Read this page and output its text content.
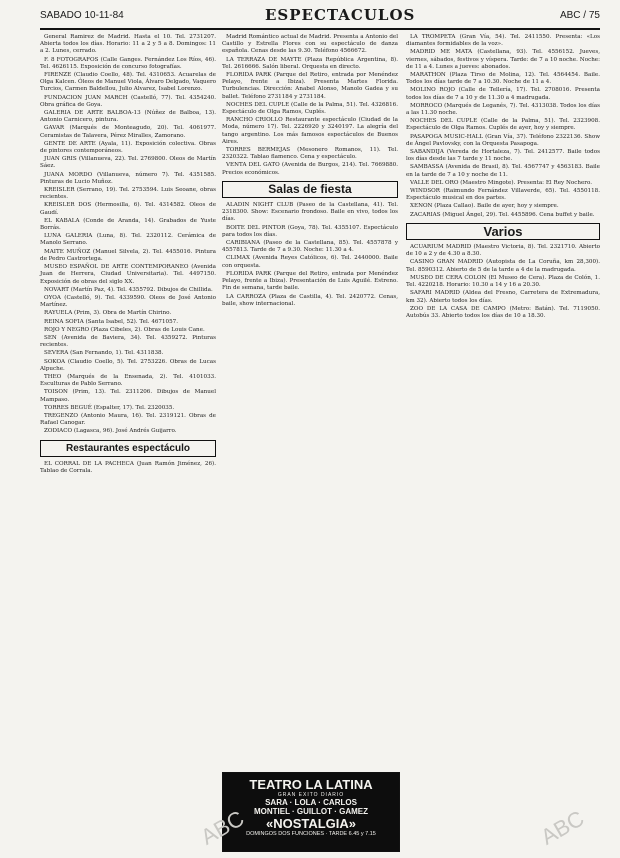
SABADO 10-11-84	ESPECTACULOS	ABC / 75

General Ramirez de Madrid. Hasta el 10. Tel. 2731207. Abierta todos los días. Horario: 11 a 2 y 5 a 8. Domingos: 11 a 2. Lunes, cerrado.

F. 8 FOTOGRAFOS (Calle Ganges. Fernández Los Ríos, 46). Tel. 4626115. Exposición de concurso fotografías.

FIRENZE (Claudio Coello, 48). Tel. 4310653. Acuarelas de Olga Kalcen. Óleos de Manuel Viola, Álvaro Delgado, Vaquero Turcios, Carmen Baldellou, Julio Alvarez, Isabel Lorenzo.

FUNDACION JUAN MARCH (Castelló, 77). Tel. 4354240. Obra gráfica de Goya.

GALERIA DE ARTE BALBOA-13 (Núñez de Balboa, 13). Antonio Carnicero, pintura.

GAVAR (Marqués de Monteagudo, 20). Tel. 4061977. Ceramistas de Talavera, Pérez Miralles, Zamorano.

GENTE DE ARTE (Ayala, 11). Exposición colectiva. Obras de pintores contemporáneos.

JUAN GRIS (Villanueva, 22). Tel. 2769800. Oleos de Martín Sáez.

JUANA MORDO (Villanueva, número 7). Tel. 4351585. Pinturas de Lucio Muñoz.

KREISLER (Serrano, 19). Tel. 2753594. Luis Seoane, obras recientes.

KREISLER DOS (Hermosilla, 6). Tel. 4314582. Oleos de Gaudí.

EL KABALA (Conde de Aranda, 14). Grabados de Yuste Borrás.

LUNA GALERIA (Luna, 8). Tel. 2320112. Cerámica de Manolo Serrano.

MAITE MUÑOZ (Manuel Silvela, 2). Tel. 4455016. Pintura de Pedro Castrortega.

MUSEO ESPAÑOL DE ARTE CONTEMPORANEO (Avenida Juan de Herrera, Ciudad Universitaria). Tel. 4497150. Exposición de obras del siglo XX.

NOVART (Martín Paz, 4). Tel. 4355792. Dibujos de Chillida.

OYOA (Castelló, 9). Tel. 4339590. Oleos de José Antonio Martínez.

RAYUELA (Prim, 3). Obra de Martín Chirino.

REINA SOFIA (Santa Isabel, 52). Tel. 4671057.

ROJO Y NEGRO (Plaza Cibeles, 2). Obras de Louis Cane.

SEN (Avenida de Baviera, 34). Tel. 4359272. Pinturas recientes.

SEVERA (San Fernando, 1). Tel. 4311838.

SOKOA (Claudio Coello, 5). Tel. 2753226. Obras de Lucas Alpuche.

THEO (Marqués de la Ensenada, 2). Tel. 4101033. Esculturas de Pablo Serrano.

TOISON (Prim, 13). Tel. 2311206. Dibujos de Manuel Mampaso.

TORRES BEGUÉ (Espalter, 17). Tel. 2320035.

TREGENZO (Antonio Maura, 16). Tel. 2319121. Obras de Rafael Canogar.

ZODIACO (Lagasca, 96). José Andrés Guijarro.

Restaurantes espectáculo

EL CORRAL DE LA PACHECA (Juan Ramón Jiménez, 26). Tablao de Corrala.

Madrid Romántico actual de Madrid. Presenta a Antonio del Castillo y Estrella Flores con su espectáculo de danza española. Cenas desde las 9.30. Teléfono 4566672.

LA TERRAZA DE MAYTE (Plaza República Argentina, 8). Tel. 2616666. Salón liberal. Orquesta en directo.

FLORIDA PARK (Parque del Retiro, entrada por Menéndez Pelayo, frente a Ibiza). Presenta Martes Florida. Turbulencias. Dirección: Anabel Alonso, Manolo Gadea y su ballet. Teléfono 2731184 y 2731184.

NOCHES DEL CUPLE (Calle de la Palma, 51). Tel. 4326816. Espectáculo de Olga Ramos, Cuplés.

RANCHO CRIOLLO Restaurante espectáculo (Ciudad de la Moda, número 17). Tel. 2226920 y 3240197. La alegría del tango argentino. Los más famosos espectáculos de Buenos Aires.

TORRES BERMEJAS (Mesonero Romanos, 11). Tel. 2320322. Tablao flamenco. Cena y espectáculo.

VENTA DEL GATO (Avenida de Burgos, 214). Tel. 7669880. Precios económicos.

Salas de fiesta

ALADIN NIGHT CLUB (Paseo de la Castellana, 41). Tel. 2318300. Show: Escenario frondoso. Baile en vivo, todos los días.

BOITE DEL PINTOR (Goya, 78). Tel. 4355107. Espectáculo para todos los días.

CARIBIANA (Paseo de la Castellana, 85). Tel. 4557878 y 4557813. Tarde de 7 a 9.30. Noche: 11.30 a 4.

CLIMAX (Avenida Reyes Católicos, 6). Tel. 2440000. Baile con orquesta.

FLORIDA PARK (Parque del Retiro, entrada por Menéndez Pelayo, frente a Ibiza). Presentación de Luis Aguilé. Estreno. Fin de semana, tarde baile.

LA CARROZA (Plaza de Castilla, 4). Tel. 2420772. Cenas, baile, show internacional.

TEATRO LA LATINA
GRAN EXITO DIARIO
SARA · LOLA · CARLOS
MONTIEL · GUILLOT · GAMEZ
«NOSTALGIA»
DOMINGOS DOS FUNCIONES · TARDE 6.45 y 7.15

LA TROMPETA (Gran Vía, 54). Tel. 2411550. Presenta: «Los diamantes formidables de la voz».

MADRID ME MATA (Castellana, 93). Tel. 4556152. Jueves, viernes, sábados, festivos y víspera. Tarde: de 7 a 10 noche. Noche: de 11 a 4. Lunes a jueves: abonados.

MARATHON (Plaza Tirso de Molina, 12). Tel. 4564454. Baile. Todos los días tarde de 7 a 10.30. Noche de 11 a 4.

MOLINO ROJO (Calle de Tellería, 17). Tel. 2708016. Presenta todos los días de 7 a 10 y de 11.30 a 4 madrugada.

MORROCO (Marqués de Leganés, 7). Tel. 4313038. Todos los días a las 11.30 noche.

NOCHES DEL CUPLE (Calle de la Palma, 51). Tel. 2323908. Espectáculo de Olga Ramos. Cuplés de ayer, hoy y siempre.

PASAPOGA MUSIC-HALL (Gran Vía, 37). Teléfono 2322136. Show de Ángel Pavlovsky, con la Orquesta Pasapoga.

SABANDIJA (Vereda de Hortaleza, 7). Tel. 2412577. Baile todos los días desde las 7 tarde y 11 noche.

SAMBASSA (Avenida de Brasil, 8). Tel. 4567747 y 4563183. Baile en la tarde de 7 a 10 y noche de 11.

VALLE DEL ORO (Maestro Mingote). Presenta: El Rey Nochero.

WINDSOR (Raimundo Fernández Villaverde, 65). Tel. 4550118. Espectáculo musical en dos partes.

XENON (Plaza Callao). Baile de ayer, hoy y siempre.

ZACARIAS (Miguel Ángel, 29). Tel. 4455896. Cena buffet y baile.

Varios

ACUARIUM MADRID (Maestro Victoria, 8). Tel. 2321710. Abierto de 10 a 2 y de 4.30 a 8.30.

CASINO GRAN MADRID (Autopista de La Coruña, km 28,300). Tel. 8590312. Abierto de 5 de la tarde a 4 de la madrugada.

MUSEO DE CERA COLON (El Museo de Cera). Plaza de Colón, 1. Tel. 4220218. Horario: 10.30 a 14 y 16 a 20.30.

SAFARI MADRID (Aldea del Fresno, Carretera de Extremadura, km 32). Abierto todos los días.

ZOO DE LA CASA DE CAMPO (Metro: Batán). Tel. 7119050. Autobús 33. Abierto todos los días de 10 a 18.30.

ABC	ABC
